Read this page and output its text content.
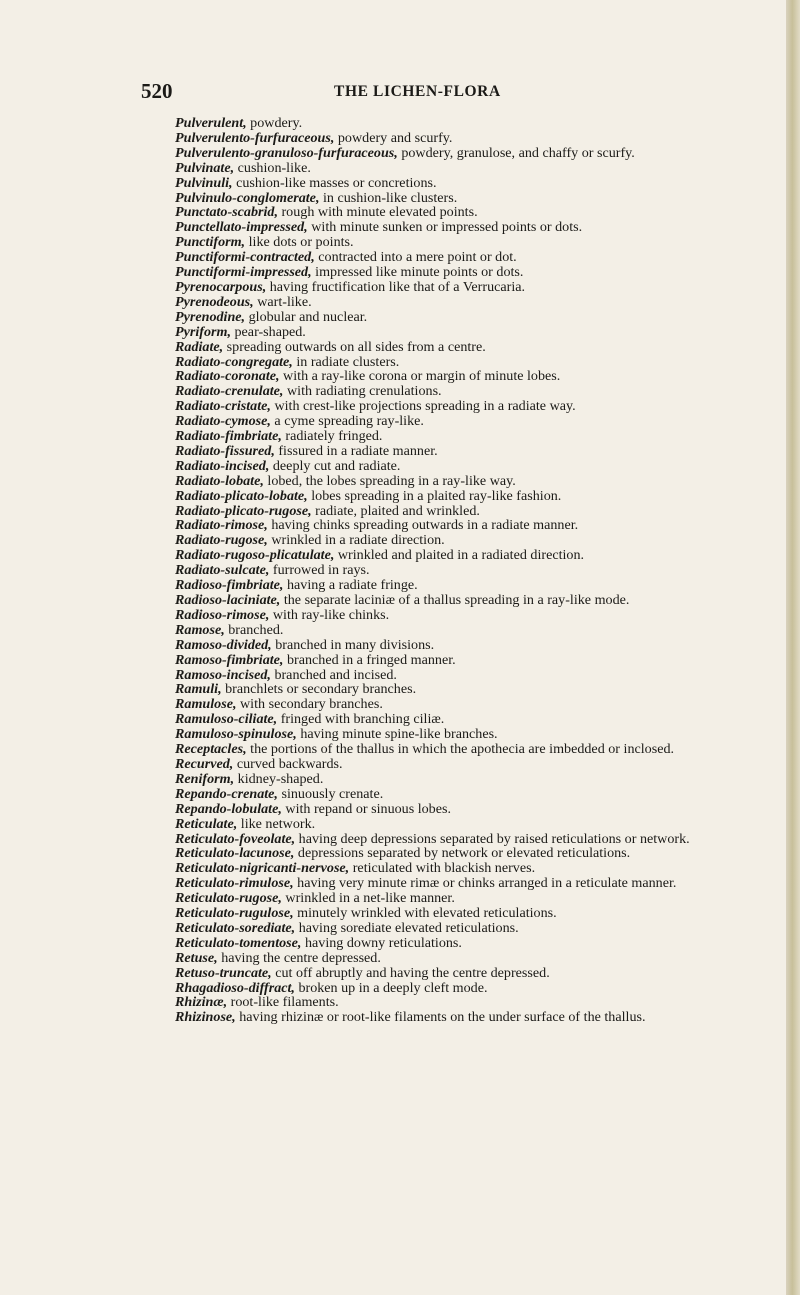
520	THE LICHEN-FLORA

Pulverulent, powdery.

Pulverulento-furfuraceous, powdery and scurfy.

Pulverulento-granuloso-furfuraceous, powdery, granulose, and chaffy or scurfy.

Pulvinate, cushion-like.

Pulvinuli, cushion-like masses or concretions.

Pulvinulo-conglomerate, in cushion-like clusters.

Punctato-scabrid, rough with minute elevated points.

Punctellato-impressed, with minute sunken or impressed points or dots.

Punctiform, like dots or points.

Punctiformi-contracted, contracted into a mere point or dot.

Punctiformi-impressed, impressed like minute points or dots.

Pyrenocarpous, having fructification like that of a Verrucaria.

Pyrenodeous, wart-like.

Pyrenodine, globular and nuclear.

Pyriform, pear-shaped.

Radiate, spreading outwards on all sides from a centre.

Radiato-congregate, in radiate clusters.

Radiato-coronate, with a ray-like corona or margin of minute lobes.

Radiato-crenulate, with radiating crenulations.

Radiato-cristate, with crest-like projections spreading in a radiate way.

Radiato-cymose, a cyme spreading ray-like.

Radiato-fimbriate, radiately fringed.

Radiato-fissured, fissured in a radiate manner.

Radiato-incised, deeply cut and radiate.

Radiato-lobate, lobed, the lobes spreading in a ray-like way.

Radiato-plicato-lobate, lobes spreading in a plaited ray-like fashion.

Radiato-plicato-rugose, radiate, plaited and wrinkled.

Radiato-rimose, having chinks spreading outwards in a radiate manner.

Radiato-rugose, wrinkled in a radiate direction.

Radiato-rugoso-plicatulate, wrinkled and plaited in a radiated direction.

Radiato-sulcate, furrowed in rays.

Radioso-fimbriate, having a radiate fringe.

Radioso-laciniate, the separate laciniæ of a thallus spreading in a ray-like mode.

Radioso-rimose, with ray-like chinks.

Ramose, branched.

Ramoso-divided, branched in many divisions.

Ramoso-fimbriate, branched in a fringed manner.

Ramoso-incised, branched and incised.

Ramuli, branchlets or secondary branches.

Ramulose, with secondary branches.

Ramuloso-ciliate, fringed with branching ciliæ.

Ramuloso-spinulose, having minute spine-like branches.

Receptacles, the portions of the thallus in which the apothecia are imbedded or inclosed.

Recurved, curved backwards.

Reniform, kidney-shaped.

Repando-crenate, sinuously crenate.

Repando-lobulate, with repand or sinuous lobes.

Reticulate, like network.

Reticulato-foveolate, having deep depressions separated by raised reticulations or network.

Reticulato-lacunose, depressions separated by network or elevated reticulations.

Reticulato-nigricanti-nervose, reticulated with blackish nerves.

Reticulato-rimulose, having very minute rimæ or chinks arranged in a reticulate manner.

Reticulato-rugose, wrinkled in a net-like manner.

Reticulato-rugulose, minutely wrinkled with elevated reticulations.

Reticulato-sorediate, having sorediate elevated reticulations.

Reticulato-tomentose, having downy reticulations.

Retuse, having the centre depressed.

Retuso-truncate, cut off abruptly and having the centre depressed.

Rhagadioso-diffract, broken up in a deeply cleft mode.

Rhizinæ, root-like filaments.

Rhizinose, having rhizinæ or root-like filaments on the under surface of the thallus.
